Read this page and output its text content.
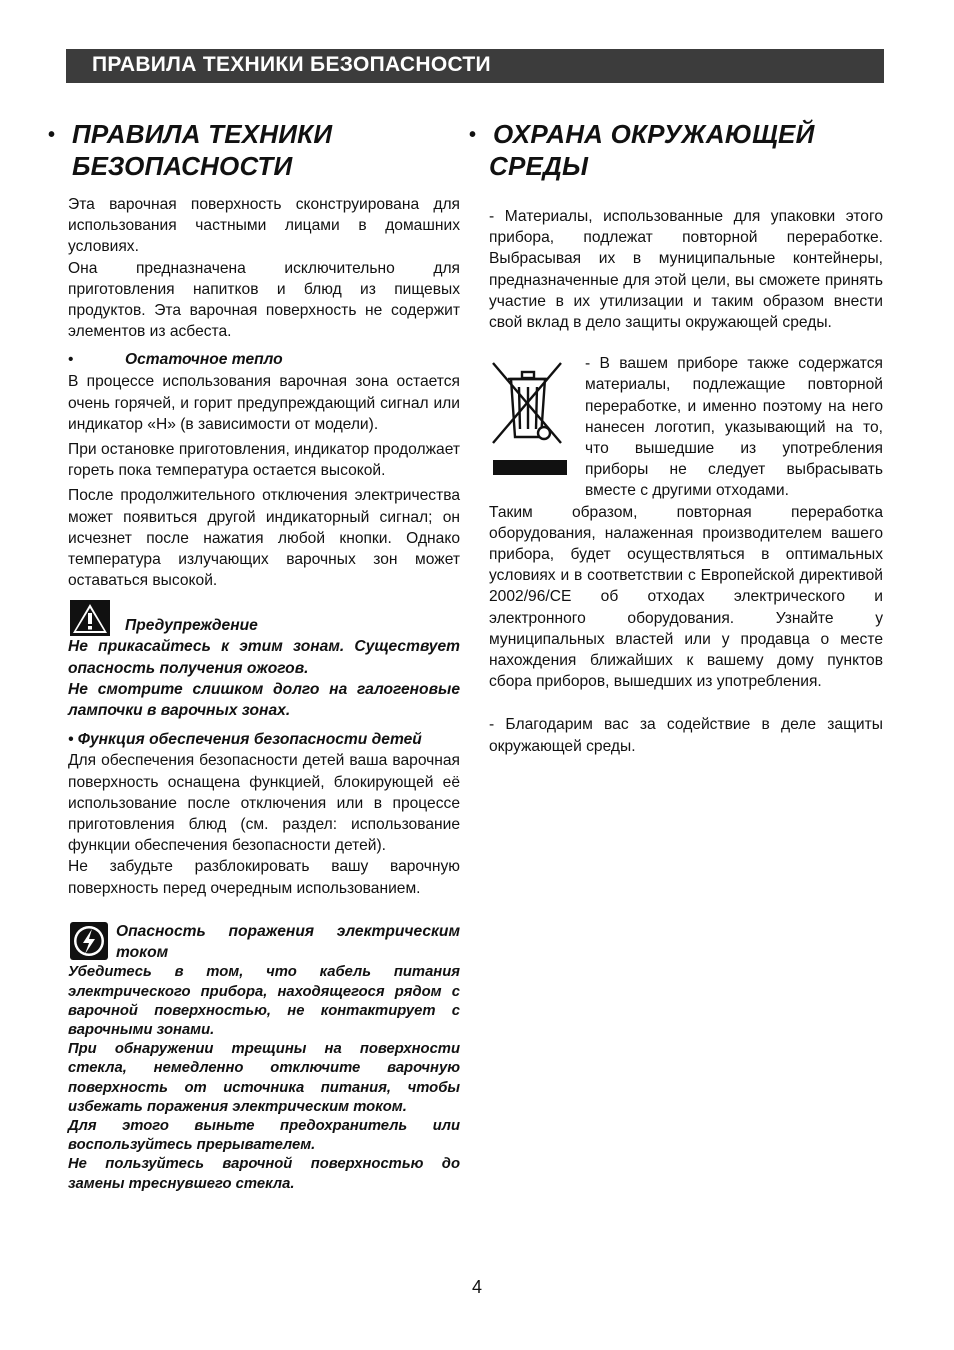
ПРАВИЛА ТЕХНИКИ БЕЗОПАСНОСТИ
• ПРАВИЛА ТЕХНИКИ
БЕЗОПАСНОСТИ

Эта варочная поверхность сконструирована для использования частными лицами в домашних условиях.

Она предназначена исключительно для приготовления напитков и блюд из пищевых продуктов. Эта варочная поверхность не содержит элементов из асбеста.

•	Остаточное тепло

В процессе использования варочная зона остается очень горячей, и горит предупреждающий сигнал или индикатор «H» (в зависимости от модели).

При остановке приготовления, индикатор продолжает гореть пока температура остается высокой.

После продолжительного отключения электричества может появиться другой индикаторный сигнал; он исчезнет после нажатия любой кнопки. Однако температура излучающих варочных зон может оставаться высокой.

Предупреждение

Не прикасайтесь к этим зонам. Существует опасность получения ожогов.

Не смотрите слишком долго на галогеновые лампочки в варочных зонах.

• Функция обеспечения безопасности детей

Для обеспечения безопасности детей ваша варочная поверхность оснащена функцией, блокирующей её использование после отключения или в процессе приготовления блюд (см. раздел: использование функции обеспечения безопасности детей).

Не забудьте разблокировать вашу варочную поверхность перед очередным использованием.

Опасность поражения электрическим током

Убедитесь в том, что кабель питания электрического прибора, находящегося рядом с варочной поверхностью, не контактирует с варочными зонами.

При обнаружении трещины на поверхности стекла, немедленно отключите варочную поверхность от источника питания, чтобы избежать поражения электрическим током.

Для этого выньте предохранитель или воспользуйтесь прерывателем.

Не пользуйтесь варочной поверхностью до замены треснувшего стекла.

• ОХРАНА ОКРУЖАЮЩЕЙ
СРЕДЫ

- Материалы, использованные для упаковки этого прибора, подлежат повторной переработке. Выбрасывая их в муниципальные контейнеры, предназначенные для этой цели, вы сможете принять участие в их утилизации и таким образом внести свой вклад в дело защиты окружающей среды.

- В вашем приборе также содержатся материалы, подлежащие повторной переработке, и именно поэтому на него нанесен логотип, указывающий на то, что вышедшие из употребления приборы не следует выбрасывать вместе с другими отходами.

Таким образом, повторная переработка оборудования, налаженная производителем вашего прибора, будет осуществляться в оптимальных условиях и в соответствии с Европейской директивой 2002/96/CE об отходах электрического и электронного оборудования. Узнайте у муниципальных властей или у продавца о месте нахождения ближайших к вашему дому пунктов сбора приборов, вышедших из употребления.

- Благодарим вас за содействие в деле защиты окружающей среды.

4
